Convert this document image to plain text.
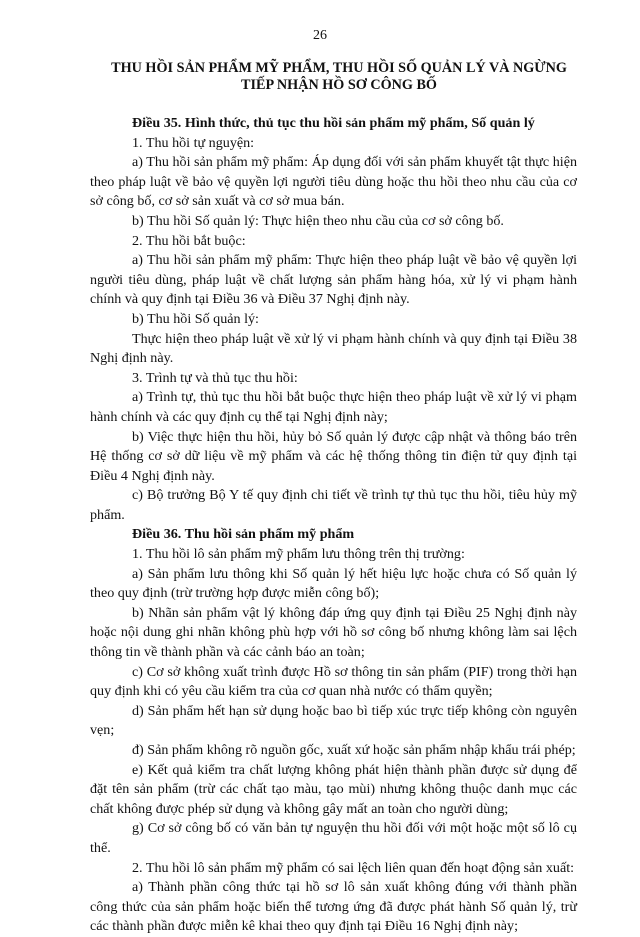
26
THU HỒI SẢN PHẨM MỸ PHẨM, THU HỒI SỐ QUẢN LÝ VÀ NGỪNG
TIẾP NHẬN HỒ SƠ CÔNG BỐ

Điều 35. Hình thức, thủ tục thu hồi sản phẩm mỹ phẩm, Số quản lý

1. Thu hồi tự nguyện:

a) Thu hồi sản phẩm mỹ phẩm: Áp dụng đối với sản phẩm khuyết tật thực hiện theo pháp luật về bảo vệ quyền lợi người tiêu dùng hoặc thu hồi theo nhu cầu của cơ sở công bố, cơ sở sản xuất và cơ sở mua bán.

b) Thu hồi Số quản lý: Thực hiện theo nhu cầu của cơ sở công bố.

2. Thu hồi bắt buộc:

a) Thu hồi sản phẩm mỹ phẩm: Thực hiện theo pháp luật về bảo vệ quyền lợi người tiêu dùng, pháp luật về chất lượng sản phẩm hàng hóa, xử lý vi phạm hành chính và quy định tại Điều 36 và Điều 37 Nghị định này.

b) Thu hồi Số quản lý:

Thực hiện theo pháp luật về xử lý vi phạm hành chính và quy định tại Điều 38 Nghị định này.

3. Trình tự và thủ tục thu hồi:

a) Trình tự, thủ tục thu hồi bắt buộc thực hiện theo pháp luật về xử lý vi phạm hành chính và các quy định cụ thể tại Nghị định này;

b) Việc thực hiện thu hồi, hủy bỏ Số quản lý được cập nhật và thông báo trên Hệ thống cơ sở dữ liệu về mỹ phẩm và các hệ thống thông tin điện tử quy định tại Điều 4 Nghị định này.

c) Bộ trưởng Bộ Y tế quy định chi tiết về trình tự thủ tục thu hồi, tiêu hủy mỹ phẩm.

Điều 36. Thu hồi sản phẩm mỹ phẩm

1. Thu hồi lô sản phẩm mỹ phẩm lưu thông trên thị trường:

a) Sản phẩm lưu thông khi Số quản lý hết hiệu lực hoặc chưa có Số quản lý theo quy định (trừ trường hợp được miễn công bố);

b) Nhãn sản phẩm vật lý không đáp ứng quy định tại Điều 25 Nghị định này hoặc nội dung ghi nhãn không phù hợp với hồ sơ công bố nhưng không làm sai lệch thông tin về thành phần và các cảnh báo an toàn;

c) Cơ sở không xuất trình được Hồ sơ thông tin sản phẩm (PIF) trong thời hạn quy định khi có yêu cầu kiểm tra của cơ quan nhà nước có thẩm quyền;

d) Sản phẩm hết hạn sử dụng hoặc bao bì tiếp xúc trực tiếp không còn nguyên vẹn;

đ) Sản phẩm không rõ nguồn gốc, xuất xứ hoặc sản phẩm nhập khẩu trái phép;

e) Kết quả kiểm tra chất lượng không phát hiện thành phần được sử dụng để đặt tên sản phẩm (trừ các chất tạo màu, tạo mùi) nhưng không thuộc danh mục các chất không được phép sử dụng và không gây mất an toàn cho người dùng;

g) Cơ sở công bố có văn bản tự nguyện thu hồi đối với một hoặc một số lô cụ thể.

2. Thu hồi lô sản phẩm mỹ phẩm có sai lệch liên quan đến hoạt động sản xuất:

a) Thành phần công thức tại hồ sơ lô sản xuất không đúng với thành phần công thức của sản phẩm hoặc biến thể tương ứng đã được phát hành Số quản lý, trừ các thành phần được miễn kê khai theo quy định tại Điều 16 Nghị định này;
